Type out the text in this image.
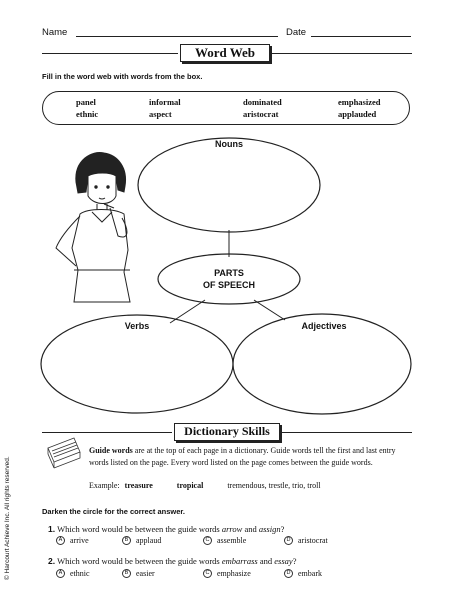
Name	Date
Word Web
Fill in the word web with words from the box.
panel	informal	dominated	emphasized
ethnic	aspect	aristocrat	applauded
Nouns
PARTS
OF SPEECH
Verbs	Adjectives
Dictionary Skills
Guide words are at the top of each page in a dictionary. Guide words tell the first and last entry words listed on the page. Every word listed on the page comes between the guide words.
Example: treasure	tropical	tremendous, trestle, trio, troll
Darken the circle for the correct answer.
1. Which word would be between the guide words arrow and assign?
A arrive	B applaud	C assemble	D aristocrat
2. Which word would be between the guide words embarrass and essay?
A ethnic	B easier	C emphasize	D embark
© Harcourt Achieve Inc. All rights reserved.
